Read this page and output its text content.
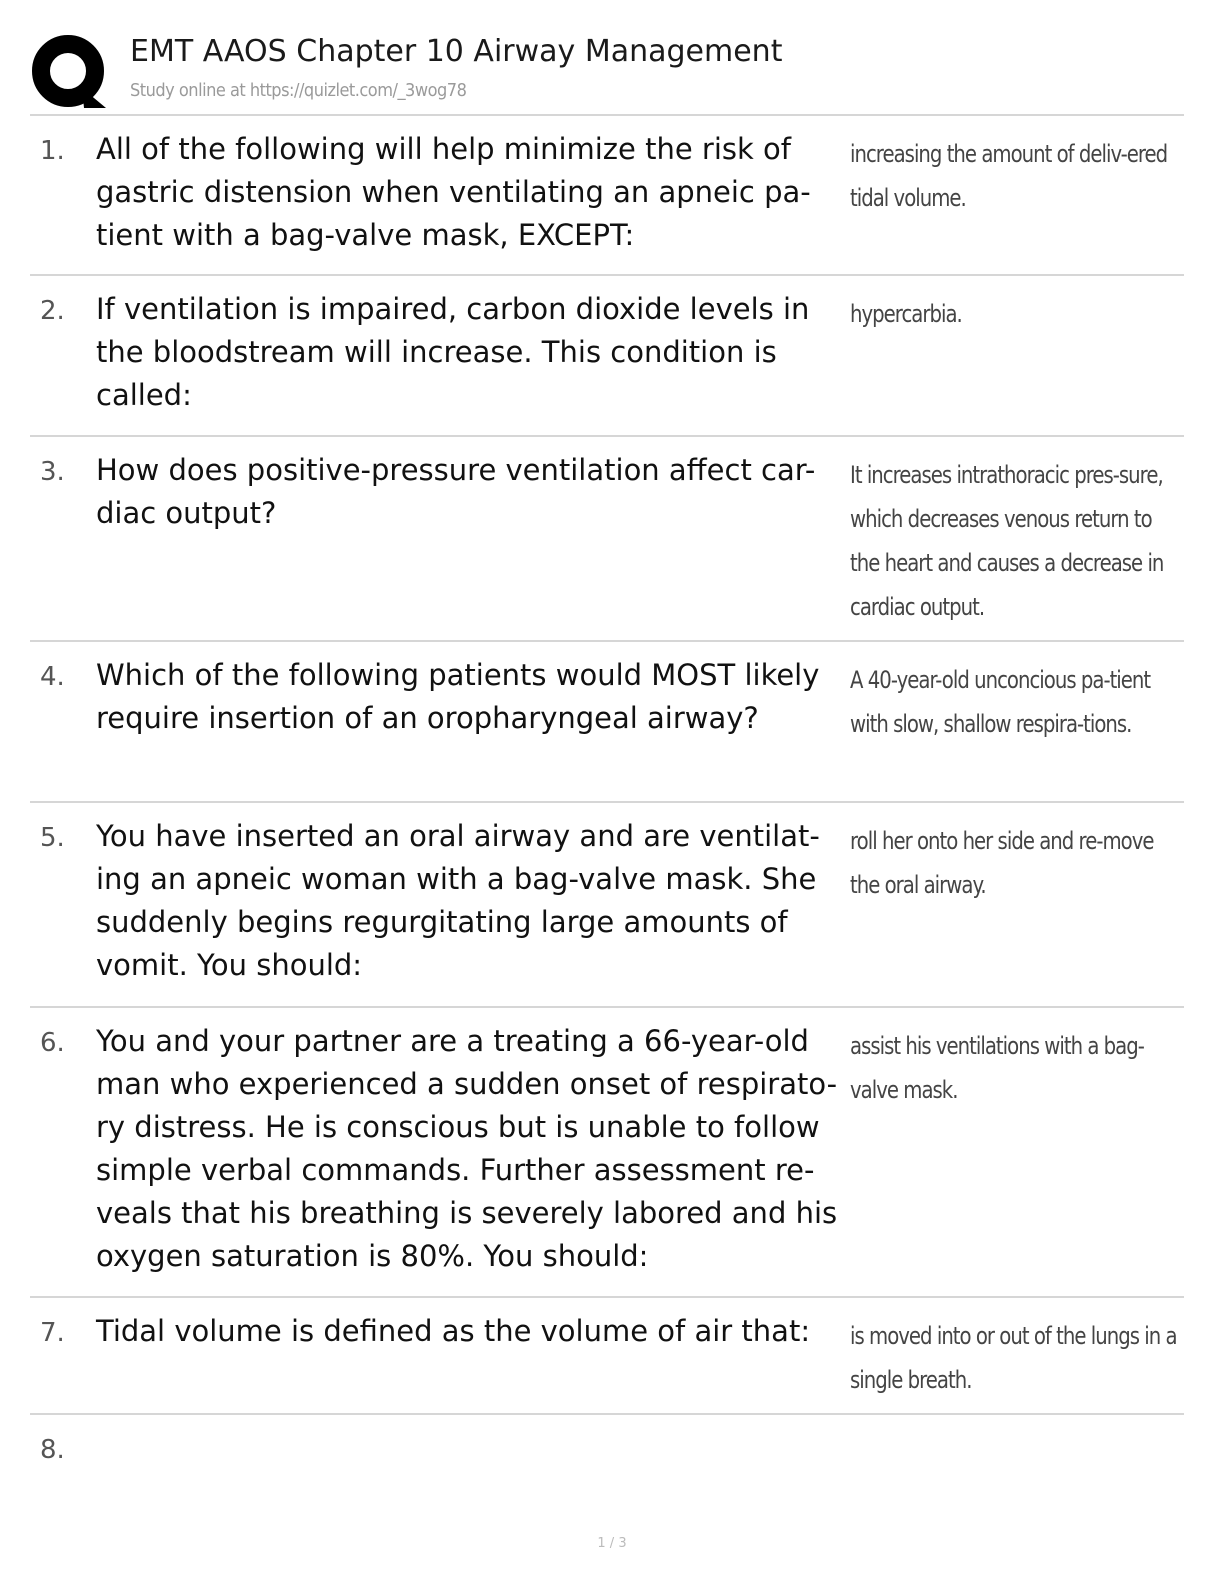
EMT AAOS Chapter 10 Airway Management
Study online at https://quizlet.com/_3wog78
1. All of the following will help minimize the risk of gastric distension when ventilating an apneic pa-tient with a bag-valve mask, EXCEPT:
increasing the amount of deliv-ered tidal volume.
2. If ventilation is impaired, carbon dioxide levels in the bloodstream will increase. This condition is called:
hypercarbia.
3. How does positive-pressure ventilation affect car-diac output?
It increases intrathoracic pres-sure, which decreases venous return to the heart and causes a decrease in cardiac output.
4. Which of the following patients would MOST likely require insertion of an oropharyngeal airway?
A 40-year-old unconcious pa-tient with slow, shallow respira-tions.
5. You have inserted an oral airway and are ventilat-ing an apneic woman with a bag-valve mask. She suddenly begins regurgitating large amounts of vomit. You should:
roll her onto her side and re-move the oral airway.
6. You and your partner are a treating a 66-year-old man who experienced a sudden onset of respirato-ry distress. He is conscious but is unable to follow simple verbal commands. Further assessment re-veals that his breathing is severely labored and his oxygen saturation is 80%. You should:
assist his ventilations with a bag-valve mask.
7. Tidal volume is defined as the volume of air that:	is moved into or out of the lungs in a single breath.
8.
1 / 3
